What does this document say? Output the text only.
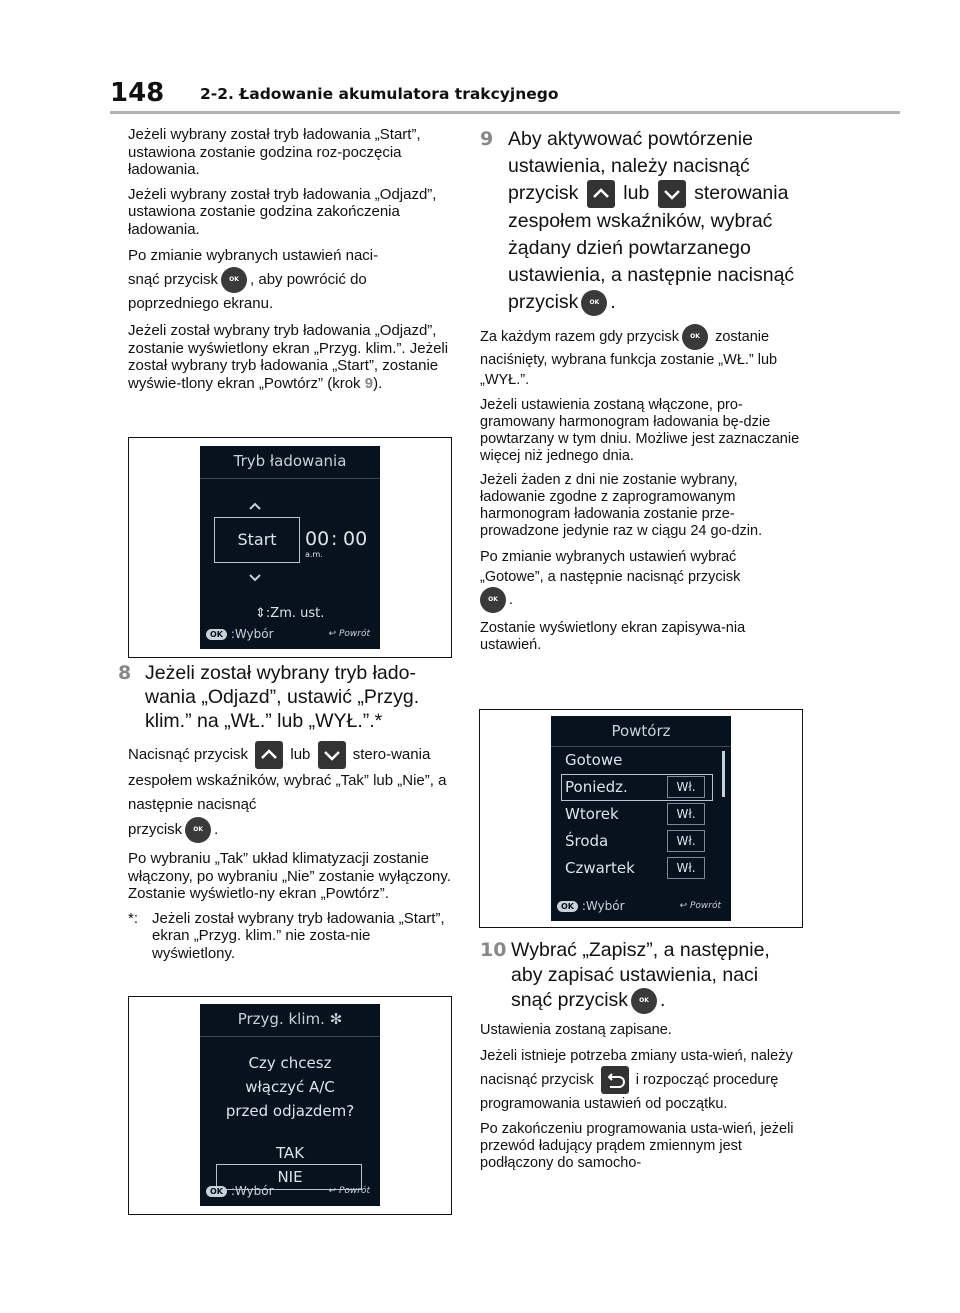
148 2-2. Ładowanie akumulatora trakcyjnego

Jeżeli wybrany został tryb ładowania „Start”, ustawiona zostanie godzina roz-poczęcia ładowania.

Jeżeli wybrany został tryb ładowania „Odjazd”, ustawiona zostanie godzina zakończenia ładowania.

Po zmianie wybranych ustawień naci-
snąć przycisk OK , aby powrócić do poprzedniego ekranu.

Jeżeli został wybrany tryb ładowania „Odjazd”, zostanie wyświetlony ekran „Przyg. klim.”. Jeżeli został wybrany tryb ładowania „Start”, zostanie wyświe-tlony ekran „Powtórz” (krok 9).

Tryb ładowania
Start	00 : 00
a.m.
⇕:Zm. ust.
OK :Wybór	↩ Powrót
8 Jeżeli został wybrany tryb łado-wania „Odjazd”, ustawić „Przyg. klim.” na „WŁ.” lub „WYŁ.”.*

Nacisnąć przycisk	lub	stero-wania zespołem wskaźników, wybrać „Tak” lub „Nie”, a następnie nacisnąć
przycisk OK .

Po wybraniu „Tak” układ klimatyzacji zostanie włączony, po wybraniu „Nie” zostanie wyłączony. Zostanie wyświetlo-ny ekran „Powtórz”.

*: Jeżeli został wybrany tryb ładowania „Start”, ekran „Przyg. klim.” nie zosta-nie wyświetlony.

Przyg. klim. ✻
Czy chcesz
włączyć A/C
przed odjazdem?
TAK
NIE
OK :Wybór	↩ Powrót
9 Aby aktywować powtórzenie ustawienia, należy nacisnąć
przycisk lub sterowania zespołem wskaźników, wybrać żądany dzień powtarzanego ustawienia, a następnie nacisnąć
przycisk OK .

Za każdym razem gdy przycisk OK zostanie naciśnięty, wybrana funkcja zostanie „WŁ.” lub „WYŁ.”.

Jeżeli ustawienia zostaną włączone, pro-gramowany harmonogram ładowania bę-dzie powtarzany w tym dniu. Możliwe jest zaznaczanie więcej niż jednego dnia.

Jeżeli żaden z dni nie zostanie wybrany, ładowanie zgodne z zaprogramowanym harmonogram ładowania zostanie prze-prowadzone jedynie raz w ciągu 24 go-dzin.

Po zmianie wybranych ustawień wybrać „Gotowe”, a następnie nacisnąć przycisk
OK .

Zostanie wyświetlony ekran zapisywa-nia ustawień.

Powtórz
Gotowe
Poniedz.	Wł.
Wtorek	Wł.
Środa	Wł.
Czwartek	Wł.
OK :Wybór	↩ Powrót
10 Wybrać „Zapisz”, a następnie, aby zapisać ustawienia, naci
snąć przycisk OK .

Ustawienia zostaną zapisane.

Jeżeli istnieje potrzeba zmiany usta-wień, należy nacisnąć przycisk	i rozpocząć procedurę programowania ustawień od początku.

Po zakończeniu programowania usta-wień, jeżeli przewód ładujący prądem zmiennym jest podłączony do samocho-
